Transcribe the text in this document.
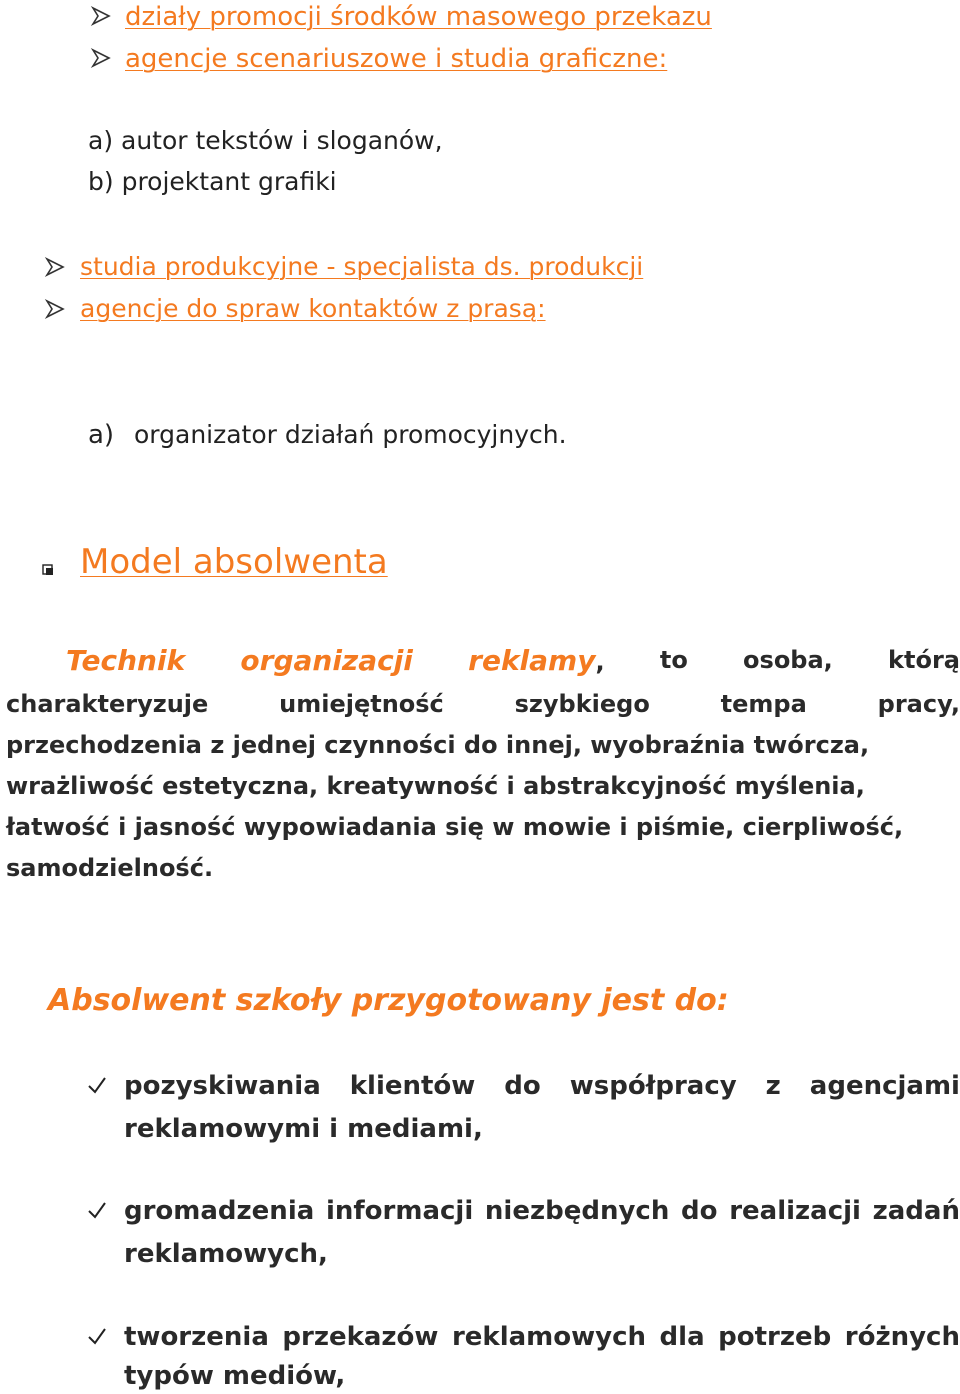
działy promocji środków masowego przekazu
agencje scenariuszowe i studia graficzne:
a) autor tekstów i sloganów,
b) projektant grafiki
studia produkcyjne - specjalista ds. produkcji
agencje do spraw kontaktów z prasą:
a) organizator działań promocyjnych.
Model absolwenta
Technik organizacji reklamy, to osoba, którą
charakteryzuje	umiejętność	szybkiego	tempa	pracy,
przechodzenia z jednej czynności do innej, wyobraźnia twórcza,
wrażliwość estetyczna, kreatywność i abstrakcyjność myślenia,
łatwość i jasność wypowiadania się w mowie i piśmie, cierpliwość,
samodzielność.
Absolwent szkoły przygotowany jest do:
pozyskiwania klientów do współpracy z agencjami
reklamowymi i mediami,
gromadzenia informacji niezbędnych do realizacji zadań
reklamowych,
tworzenia przekazów reklamowych dla potrzeb różnych
typów mediów,
